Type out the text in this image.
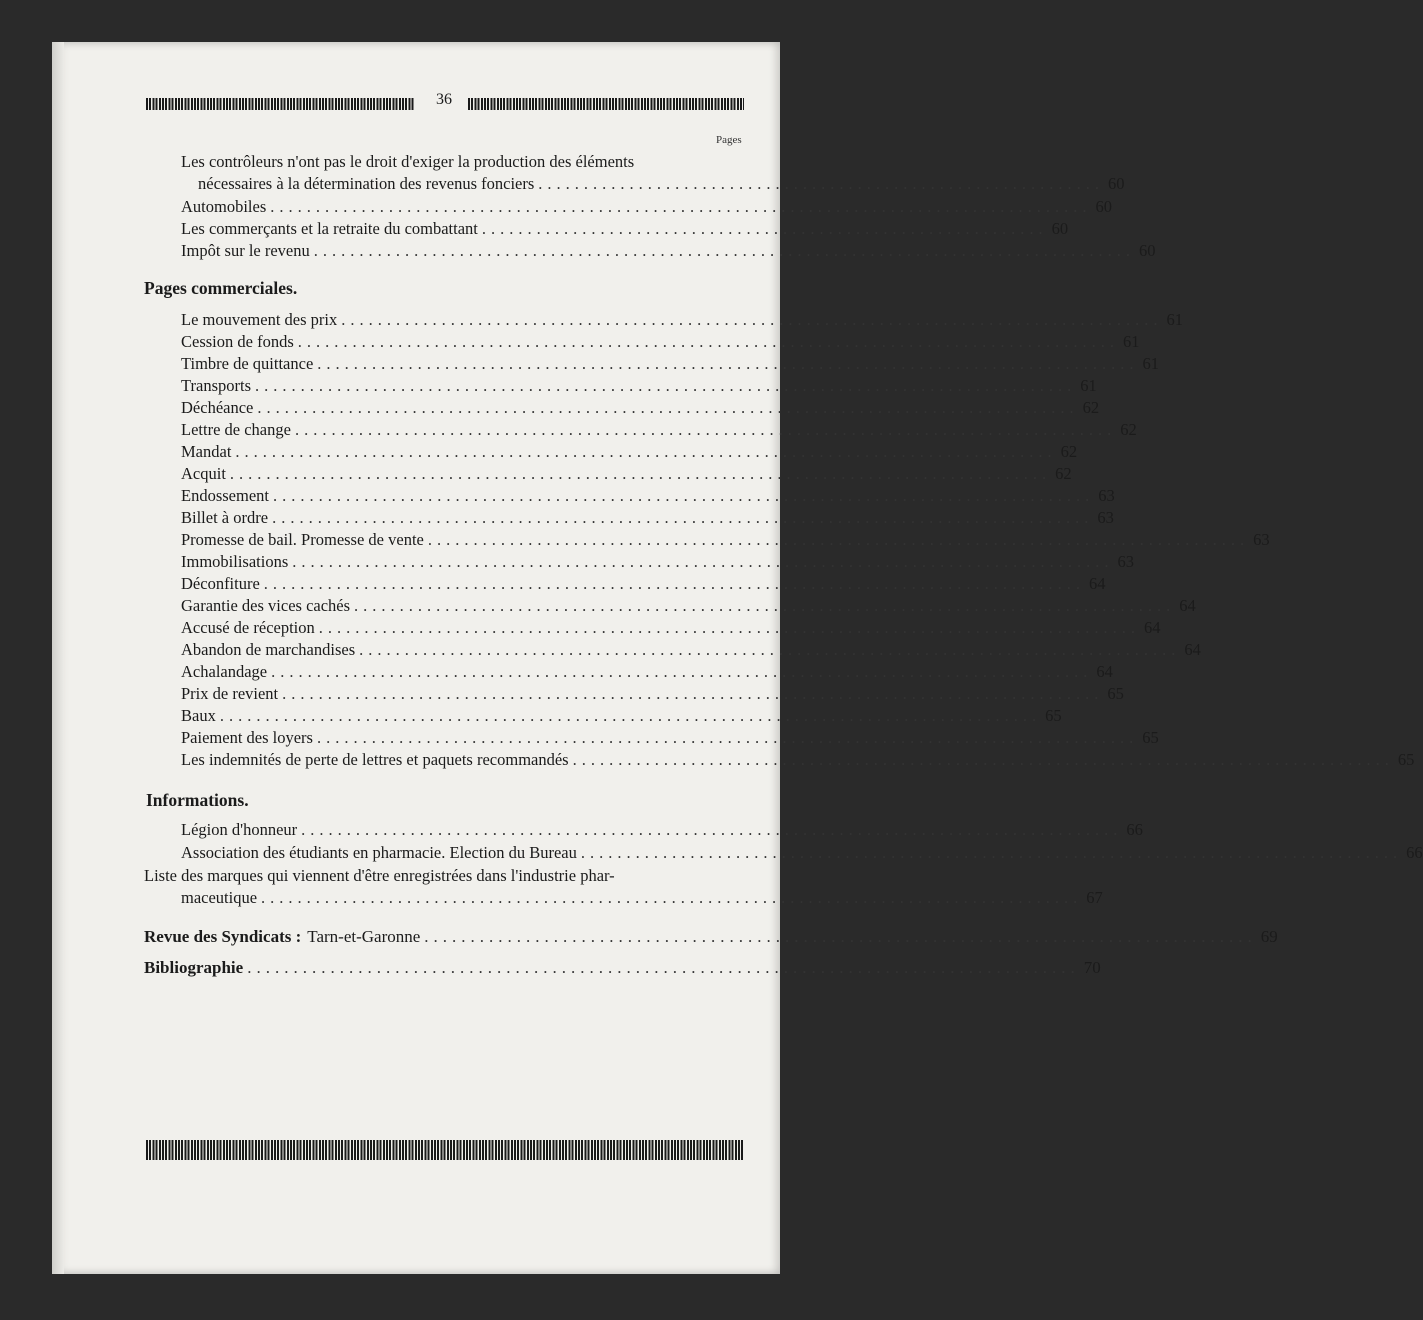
36
Pages
Les contrôleurs n'ont pas le droit d'exiger la production des éléments
nécessaires à la détermination des revenus fonciers .............................................................. 60
Automobiles .......................................................................................... 60
Les commerçants et la retraite du combattant .............................................................. 60
Impôt sur le revenu .......................................................................................... 60
Pages commerciales.
Le mouvement des prix .......................................................................................... 61
Cession de fonds .......................................................................................... 61
Timbre de quittance .......................................................................................... 61
Transports .......................................................................................... 61
Déchéance .......................................................................................... 62
Lettre de change .......................................................................................... 62
Mandat .......................................................................................... 62
Acquit .......................................................................................... 62
Endossement .......................................................................................... 63
Billet à ordre .......................................................................................... 63
Promesse de bail. Promesse de vente .......................................................................................... 63
Immobilisations .......................................................................................... 63
Déconfiture .......................................................................................... 64
Garantie des vices cachés .......................................................................................... 64
Accusé de réception .......................................................................................... 64
Abandon de marchandises .......................................................................................... 64
Achalandage .......................................................................................... 64
Prix de revient .......................................................................................... 65
Baux .......................................................................................... 65
Paiement des loyers .......................................................................................... 65
Les indemnités de perte de lettres et paquets recommandés .......................................................................................... 65
Informations.
Légion d'honneur .......................................................................................... 66
Association des étudiants en pharmacie. Election du Bureau .......................................................................................... 66
Liste des marques qui viennent d'être enregistrées dans l'industrie phar-
maceutique .......................................................................................... 67
Revue des Syndicats : Tarn-et-Garonne .......................................................................................... 69
Bibliographie .......................................................................................... 70
